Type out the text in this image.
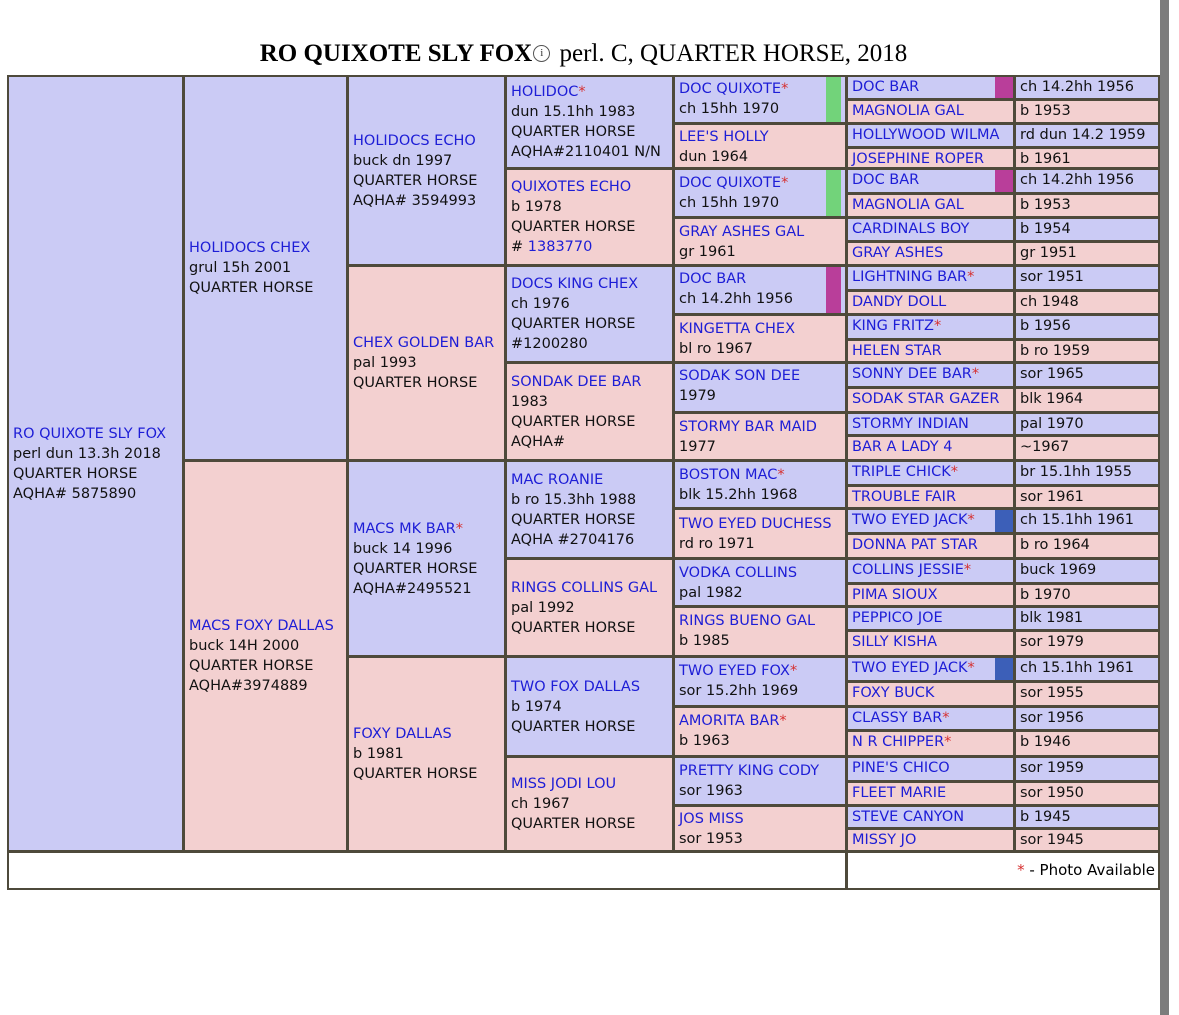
RO QUIXOTE SLY FOX i perl. C, QUARTER HORSE, 2018
RO QUIXOTE SLY FOX
perl dun 13.3h 2018
QUARTER HORSE
AQHA# 5875890
HOLIDOCS CHEX
grul 15h 2001
QUARTER HORSE
MACS FOXY DALLAS
buck 14H 2000
QUARTER HORSE
AQHA#3974889
HOLIDOCS ECHO
buck dn 1997
QUARTER HORSE
AQHA# 3594993
CHEX GOLDEN BAR
pal 1993
QUARTER HORSE
MACS MK BAR*
buck 14 1996
QUARTER HORSE
AQHA#2495521
FOXY DALLAS
b 1981
QUARTER HORSE
HOLIDOC*
dun 15.1hh 1983
QUARTER HORSE
AQHA#2110401 N/N
QUIXOTES ECHO
b 1978
QUARTER HORSE
# 1383770
DOCS KING CHEX
ch 1976
QUARTER HORSE
#1200280
SONDAK DEE BAR
1983
QUARTER HORSE
AQHA#
MAC ROANIE
b ro 15.3hh 1988
QUARTER HORSE
AQHA #2704176
RINGS COLLINS GAL
pal 1992
QUARTER HORSE
TWO FOX DALLAS
b 1974
QUARTER HORSE
MISS JODI LOU
ch 1967
QUARTER HORSE
DOC QUIXOTE*
ch 15hh 1970
LEE'S HOLLY
dun 1964
DOC QUIXOTE*
ch 15hh 1970
GRAY ASHES GAL
gr 1961
DOC BAR
ch 14.2hh 1956
KINGETTA CHEX
bl ro 1967
SODAK SON DEE
1979
STORMY BAR MAID
1977
BOSTON MAC*
blk 15.2hh 1968
TWO EYED DUCHESS
rd ro 1971
VODKA COLLINS
pal 1982
RINGS BUENO GAL
b 1985
TWO EYED FOX*
sor 15.2hh 1969
AMORITA BAR*
b 1963
PRETTY KING CODY
sor 1963
JOS MISS
sor 1953
DOC BAR
MAGNOLIA GAL
HOLLYWOOD WILMA
JOSEPHINE ROPER
DOC BAR
MAGNOLIA GAL
CARDINALS BOY
GRAY ASHES
LIGHTNING BAR*
DANDY DOLL
KING FRITZ*
HELEN STAR
SONNY DEE BAR*
SODAK STAR GAZER
STORMY INDIAN
BAR A LADY 4
TRIPLE CHICK*
TROUBLE FAIR
TWO EYED JACK*
DONNA PAT STAR
COLLINS JESSIE*
PIMA SIOUX
PEPPICO JOE
SILLY KISHA
TWO EYED JACK*
FOXY BUCK
CLASSY BAR*
N R CHIPPER*
PINE'S CHICO
FLEET MARIE
STEVE CANYON
MISSY JO
ch 14.2hh 1956
b 1953
rd dun 14.2 1959
b 1961
ch 14.2hh 1956
b 1953
b 1954
gr 1951
sor 1951
ch 1948
b 1956
b ro 1959
sor 1965
blk 1964
pal 1970
~1967
br 15.1hh 1955
sor 1961
ch 15.1hh 1961
b ro 1964
buck 1969
b 1970
blk 1981
sor 1979
ch 15.1hh 1961
sor 1955
sor 1956
b 1946
sor 1959
sor 1950
b 1945
sor 1945
* - Photo Available
